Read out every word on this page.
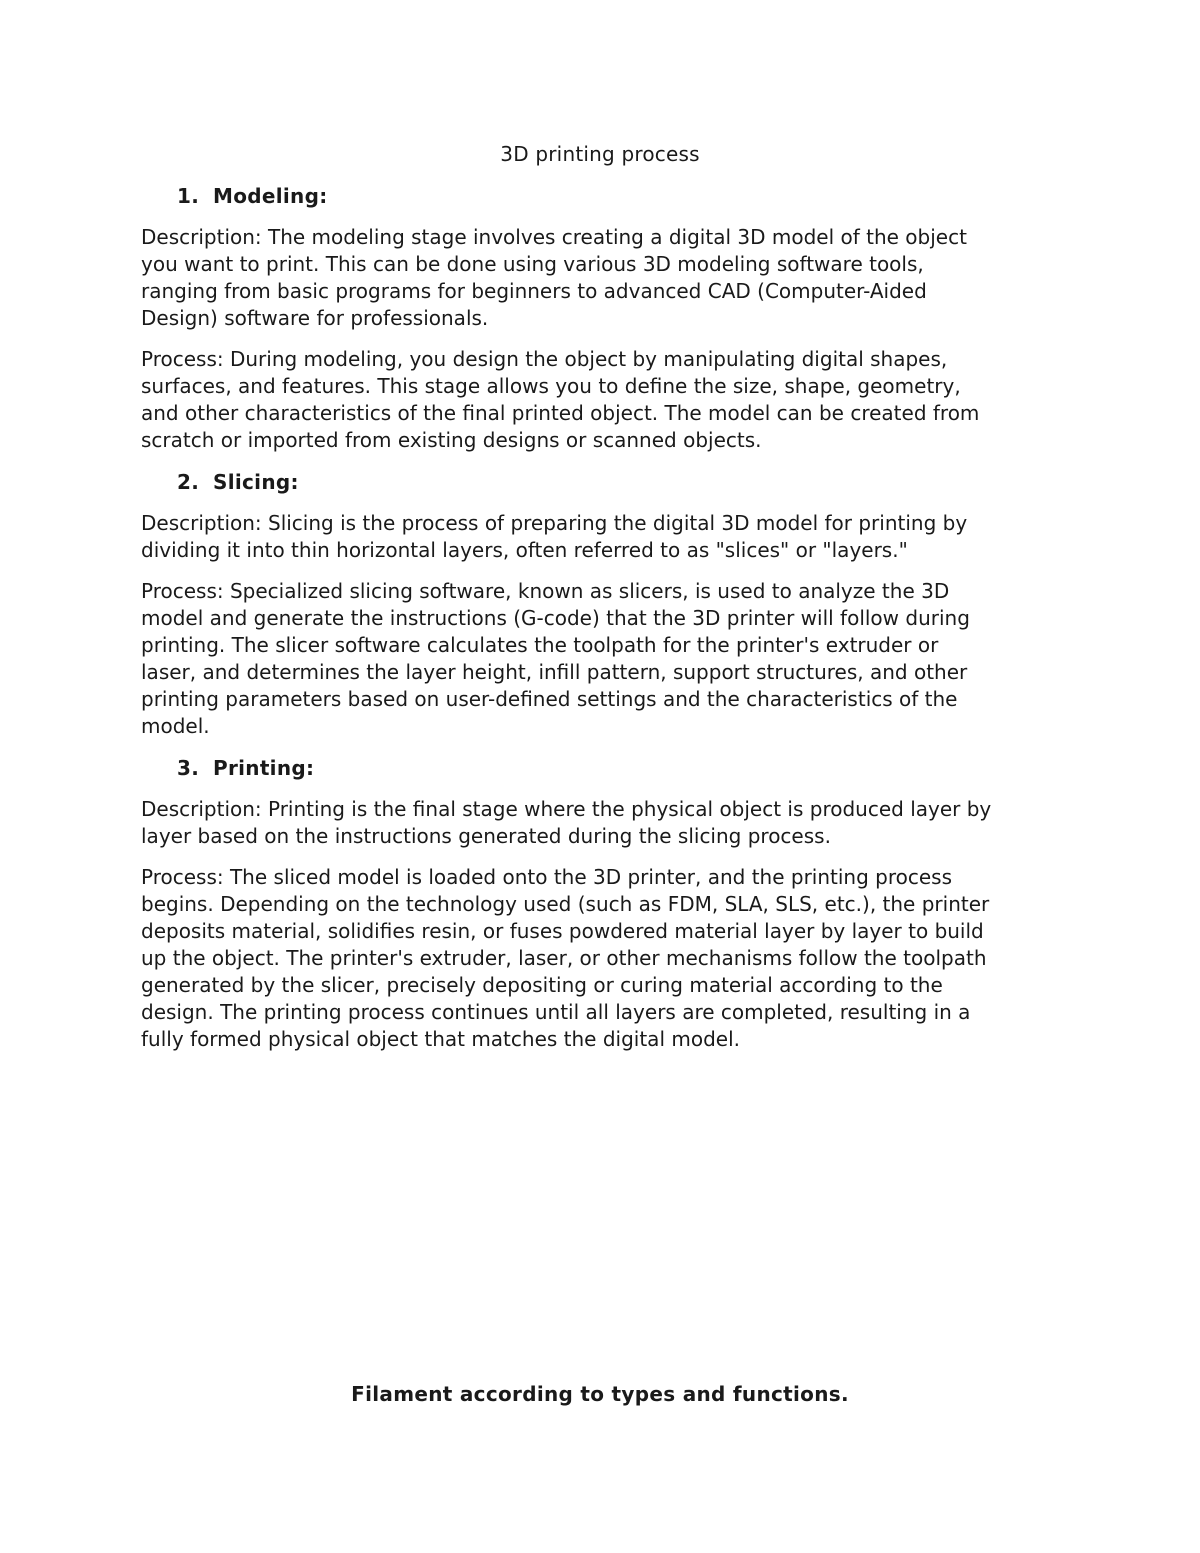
3D printing process
1. Modeling:
Description: The modeling stage involves creating a digital 3D model of the object
you want to print. This can be done using various 3D modeling software tools,
ranging from basic programs for beginners to advanced CAD (Computer-Aided
Design) software for professionals.
Process: During modeling, you design the object by manipulating digital shapes,
surfaces, and features. This stage allows you to define the size, shape, geometry,
and other characteristics of the final printed object. The model can be created from
scratch or imported from existing designs or scanned objects.
2. Slicing:
Description: Slicing is the process of preparing the digital 3D model for printing by
dividing it into thin horizontal layers, often referred to as "slices" or "layers."
Process: Specialized slicing software, known as slicers, is used to analyze the 3D
model and generate the instructions (G-code) that the 3D printer will follow during
printing. The slicer software calculates the toolpath for the printer's extruder or
laser, and determines the layer height, infill pattern, support structures, and other
printing parameters based on user-defined settings and the characteristics of the
model.
3. Printing:
Description: Printing is the final stage where the physical object is produced layer by
layer based on the instructions generated during the slicing process.
Process: The sliced model is loaded onto the 3D printer, and the printing process
begins. Depending on the technology used (such as FDM, SLA, SLS, etc.), the printer
deposits material, solidifies resin, or fuses powdered material layer by layer to build
up the object. The printer's extruder, laser, or other mechanisms follow the toolpath
generated by the slicer, precisely depositing or curing material according to the
design. The printing process continues until all layers are completed, resulting in a
fully formed physical object that matches the digital model.
Filament according to types and functions.
